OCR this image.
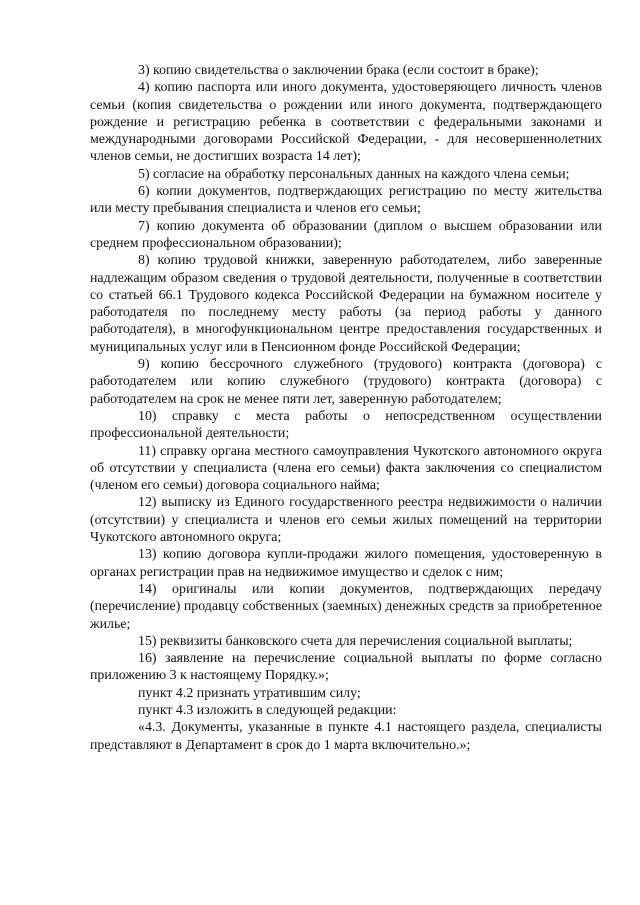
3) копию свидетельства о заключении брака (если состоит в браке);

4) копию паспорта или иного документа, удостоверяющего личность членов семьи (копия свидетельства о рождении или иного документа, подтверждающего рождение и регистрацию ребенка в соответствии с федеральными законами и международными договорами Российской Федерации, - для несовершеннолетних членов семьи, не достигших возраста 14 лет);

5) согласие на обработку персональных данных на каждого члена семьи;

6) копии документов, подтверждающих регистрацию по месту жительства или месту пребывания специалиста и членов его семьи;

7) копию документа об образовании (диплом о высшем образовании или среднем профессиональном образовании);

8) копию трудовой книжки, заверенную работодателем, либо заверенные надлежащим образом сведения о трудовой деятельности, полученные в соответствии со статьей 66.1 Трудового кодекса Российской Федерации на бумажном носителе у работодателя по последнему месту работы (за период работы у данного работодателя), в многофункциональном центре предоставления государственных и муниципальных услуг или в Пенсионном фонде Российской Федерации;

9) копию бессрочного служебного (трудового) контракта (договора) с работодателем или копию служебного (трудового) контракта (договора) с работодателем на срок не менее пяти лет, заверенную работодателем;

10) справку с места работы о непосредственном осуществлении профессиональной деятельности;

11) справку органа местного самоуправления Чукотского автономного округа об отсутствии у специалиста (члена его семьи) факта заключения со специалистом (членом его семьи) договора социального найма;

12) выписку из Единого государственного реестра недвижимости о наличии (отсутствии) у специалиста и членов его семьи жилых помещений на территории Чукотского автономного округа;

13) копию договора купли-продажи жилого помещения, удостоверенную в органах регистрации прав на недвижимое имущество и сделок с ним;

14) оригиналы или копии документов, подтверждающих передачу (перечисление) продавцу собственных (заемных) денежных средств за приобретенное жилье;

15) реквизиты банковского счета для перечисления социальной выплаты;

16) заявление на перечисление социальной выплаты по форме согласно приложению 3 к настоящему Порядку.»;

пункт 4.2 признать утратившим силу;

пункт 4.3 изложить в следующей редакции:

«4.3. Документы, указанные в пункте 4.1 настоящего раздела, специалисты представляют в Департамент в срок до 1 марта включительно.»;
